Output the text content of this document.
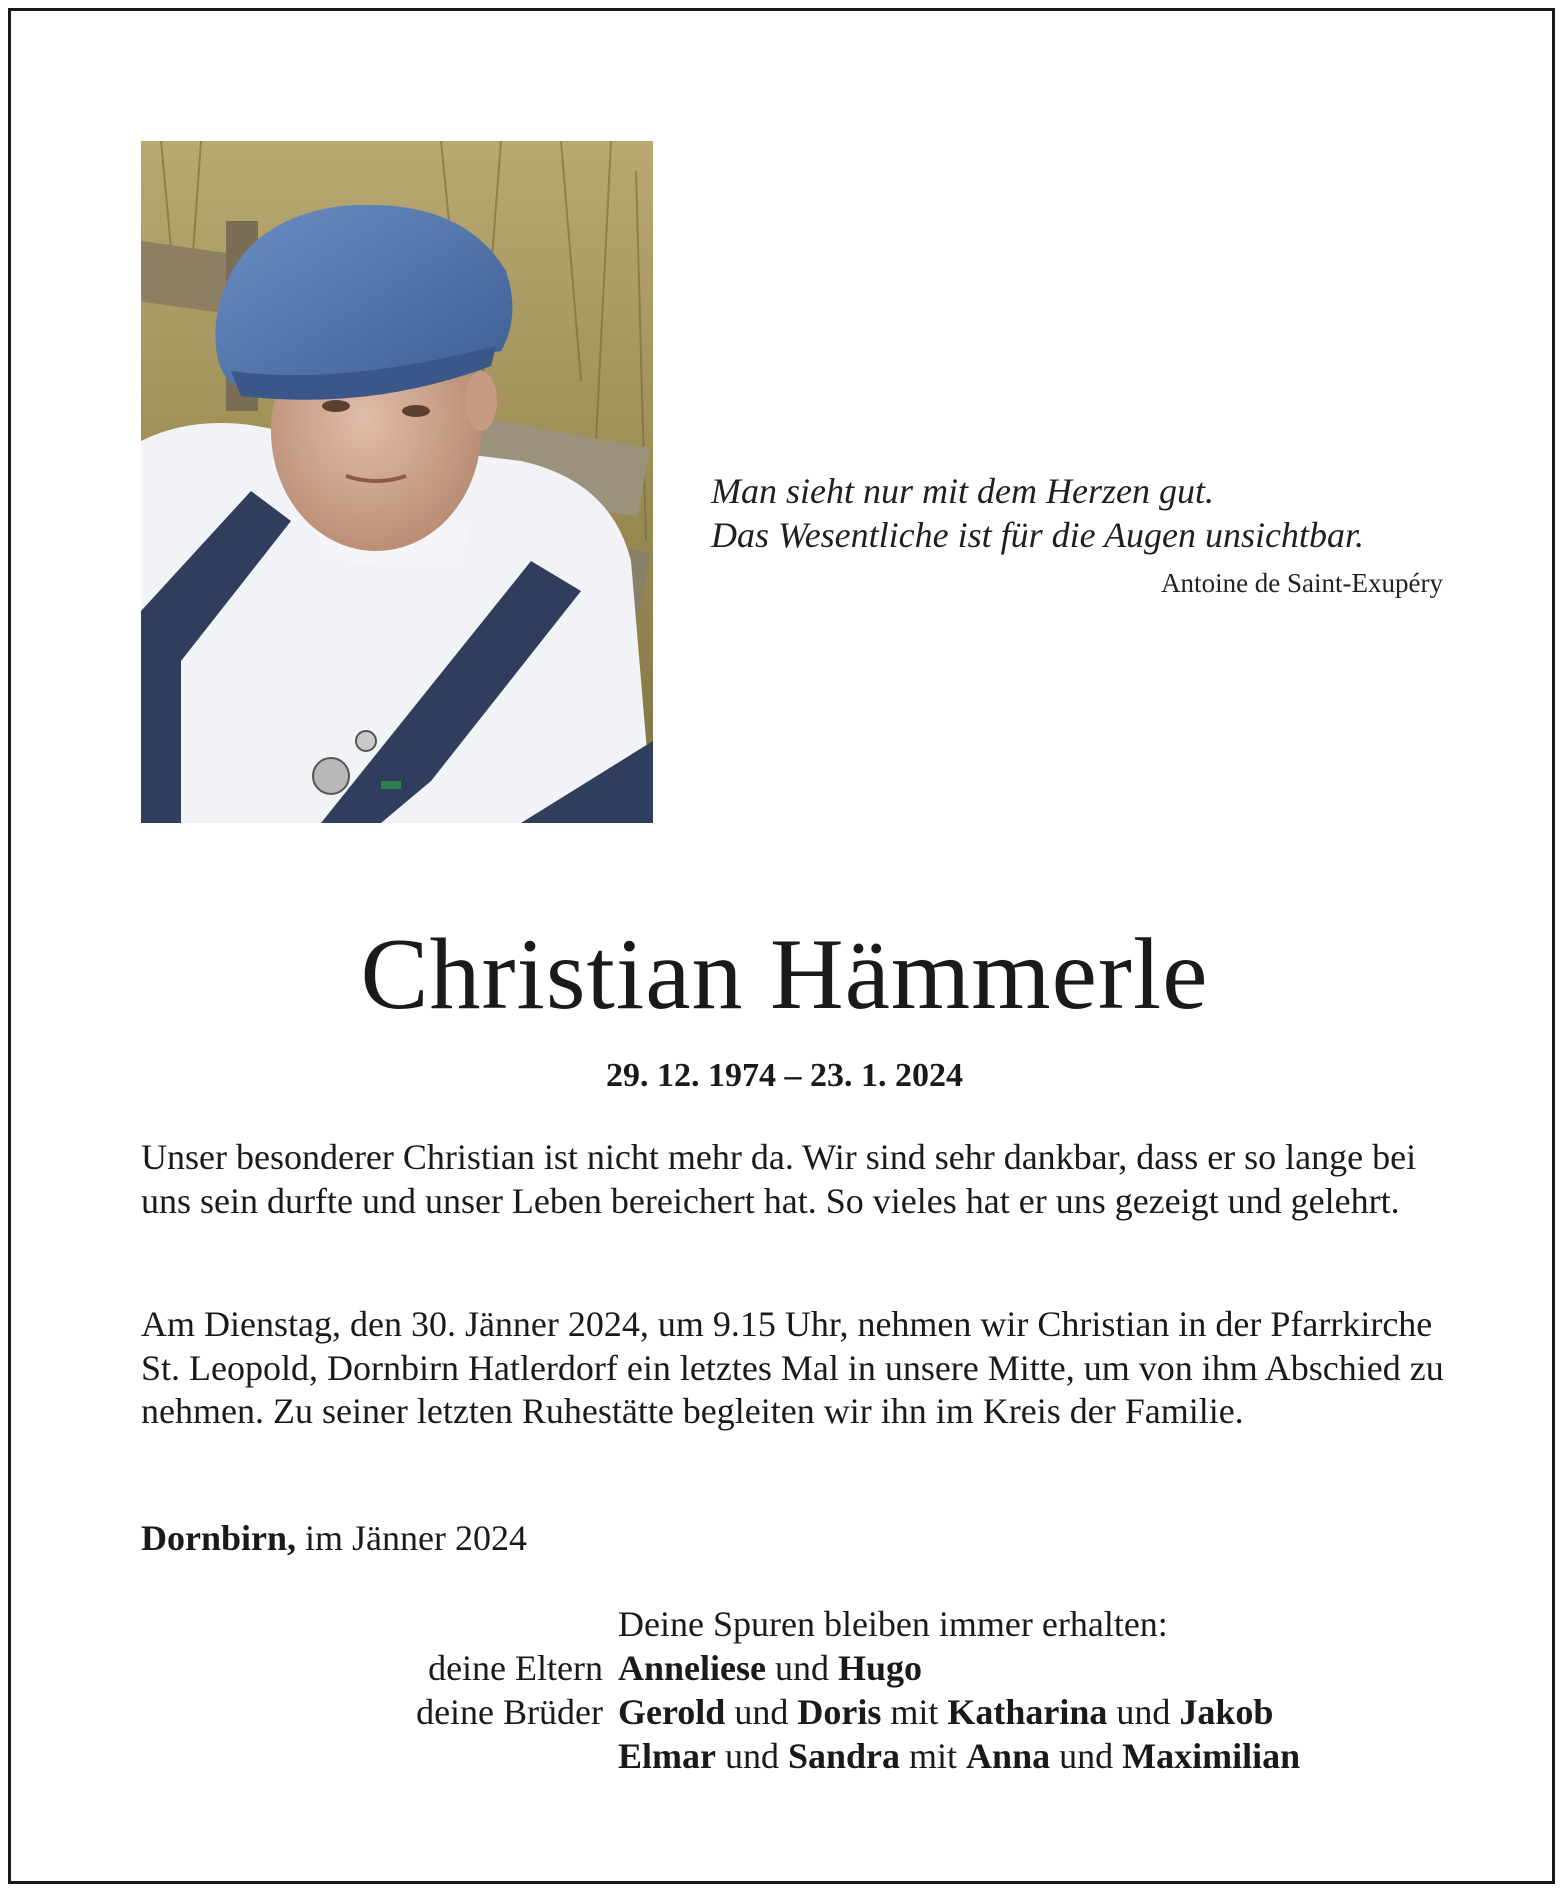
Man sieht nur mit dem Herzen gut.
Das Wesentliche ist für die Augen unsichtbar.
Antoine de Saint-Exupéry
Christian Hämmerle
29. 12. 1974 – 23. 1. 2024

Unser besonderer Christian ist nicht mehr da. Wir sind sehr dankbar, dass er so lange bei uns sein durfte und unser Leben bereichert hat. So vieles hat er uns gezeigt und gelehrt.

Am Dienstag, den 30. Jänner 2024, um 9.15 Uhr, nehmen wir Christian in der Pfarrkirche St. Leopold, Dornbirn Hatlerdorf ein letztes Mal in unsere Mitte, um von ihm Abschied zu nehmen. Zu seiner letzten Ruhestätte begleiten wir ihn im Kreis der Familie.

Dornbirn, im Jänner 2024
Deine Spuren bleiben immer erhalten:
deine Eltern Anneliese und Hugo
deine Brüder Gerold und Doris mit Katharina und Jakob
Elmar und Sandra mit Anna und Maximilian
